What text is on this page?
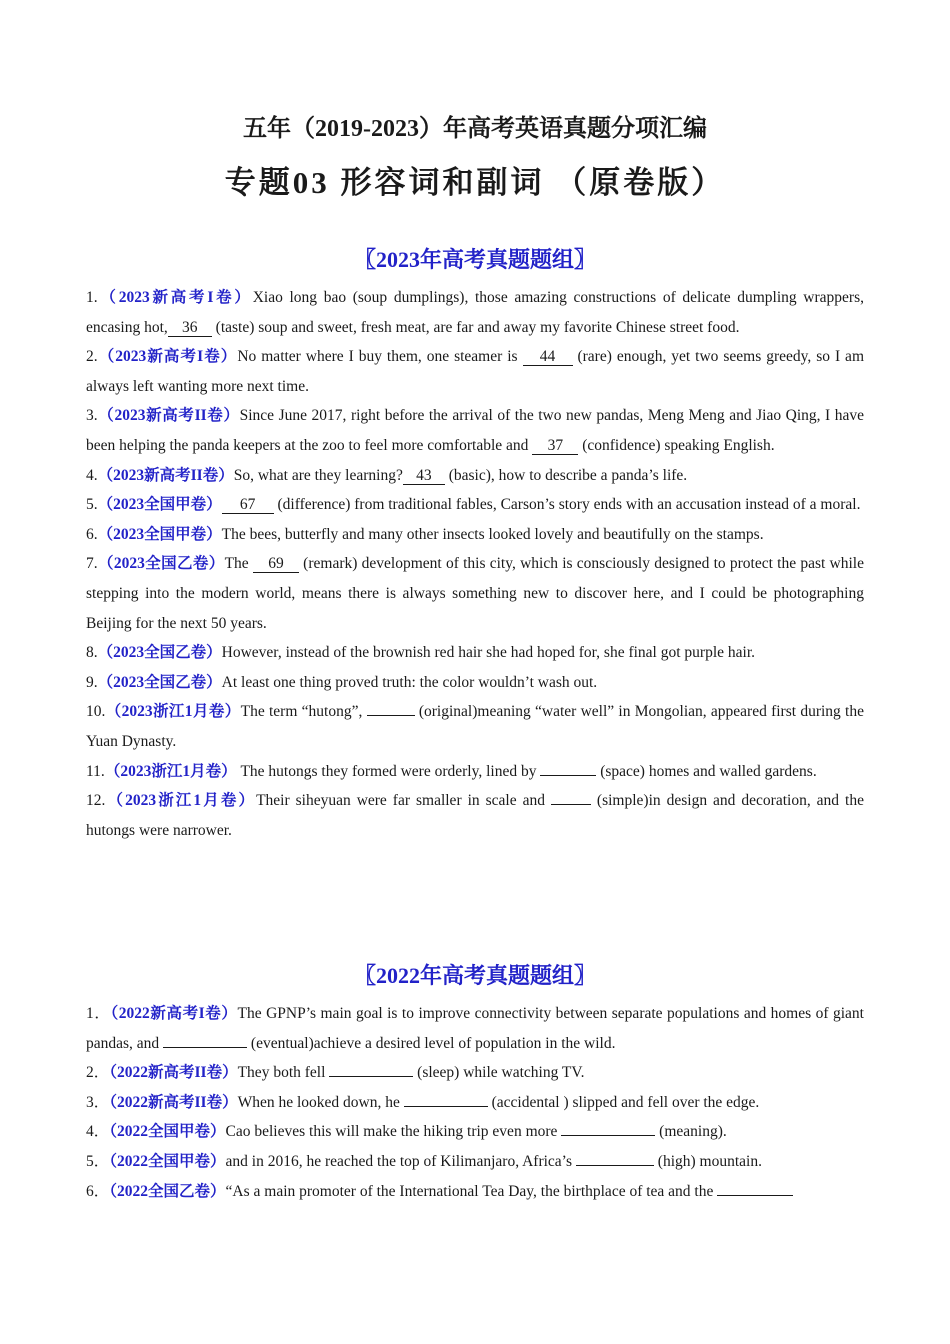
五年（2019-2023）年高考英语真题分项汇编
专题03 形容词和副词 （原卷版）
〖2023年高考真题题组〗

1.（2023新高考I卷）Xiao long bao (soup dumplings), those amazing constructions of delicate dumpling wrappers, encasing hot, 36 (taste) soup and sweet, fresh meat, are far and away my favorite Chinese street food.

2.（2023新高考I卷）No matter where I buy them, one steamer is 44 (rare) enough, yet two seems greedy, so I am always left wanting more next time.

3.（2023新高考II卷）Since June 2017, right before the arrival of the two new pandas, Meng Meng and Jiao Qing, I have been helping the panda keepers at the zoo to feel more comfortable and 37 (confidence) speaking English.

4.（2023新高考II卷）So, what are they learning? 43 (basic), how to describe a panda’s life.

5.（2023全国甲卷） 67 (difference) from traditional fables, Carson’s story ends with an accusation instead of a moral.

6.（2023全国甲卷）The bees, butterfly and many other insects looked lovely and beautifully on the stamps.

7.（2023全国乙卷）The 69 (remark) development of this city, which is consciously designed to protect the past while stepping into the modern world, means there is always something new to discover here, and I could be photographing Beijing for the next 50 years.

8.（2023全国乙卷）However, instead of the brownish red hair she had hoped for, she final got purple hair.

9.（2023全国乙卷）At least one thing proved truth: the color wouldn’t wash out.

10.（2023浙江1月卷）The term “hutong”,	(original)meaning “water well” in Mongolian, appeared first during the Yuan Dynasty.

11.（2023浙江1月卷） The hutongs they formed were orderly, lined by	(space) homes and walled gardens.

12.（2023浙江1月卷）Their siheyuan were far smaller in scale and	(simple)in design and decoration, and the hutongs were narrower.

〖2022年高考真题题组〗

1．（2022新高考I卷）The GPNP’s main goal is to improve connectivity between separate populations and homes of giant pandas, and	(eventual)achieve a desired level of population in the wild.

2．（2022新高考II卷）They both fell	(sleep) while watching TV.

3．（2022新高考II卷）When he looked down, he	(accidental ) slipped and fell over the edge.

4．（2022全国甲卷）Cao believes this will make the hiking trip even more	(meaning).

5．（2022全国甲卷）and in 2016, he reached the top of Kilimanjaro, Africa’s	(high) mountain.

6．（2022全国乙卷）“As a main promoter of the International Tea Day, the birthplace of tea and the
